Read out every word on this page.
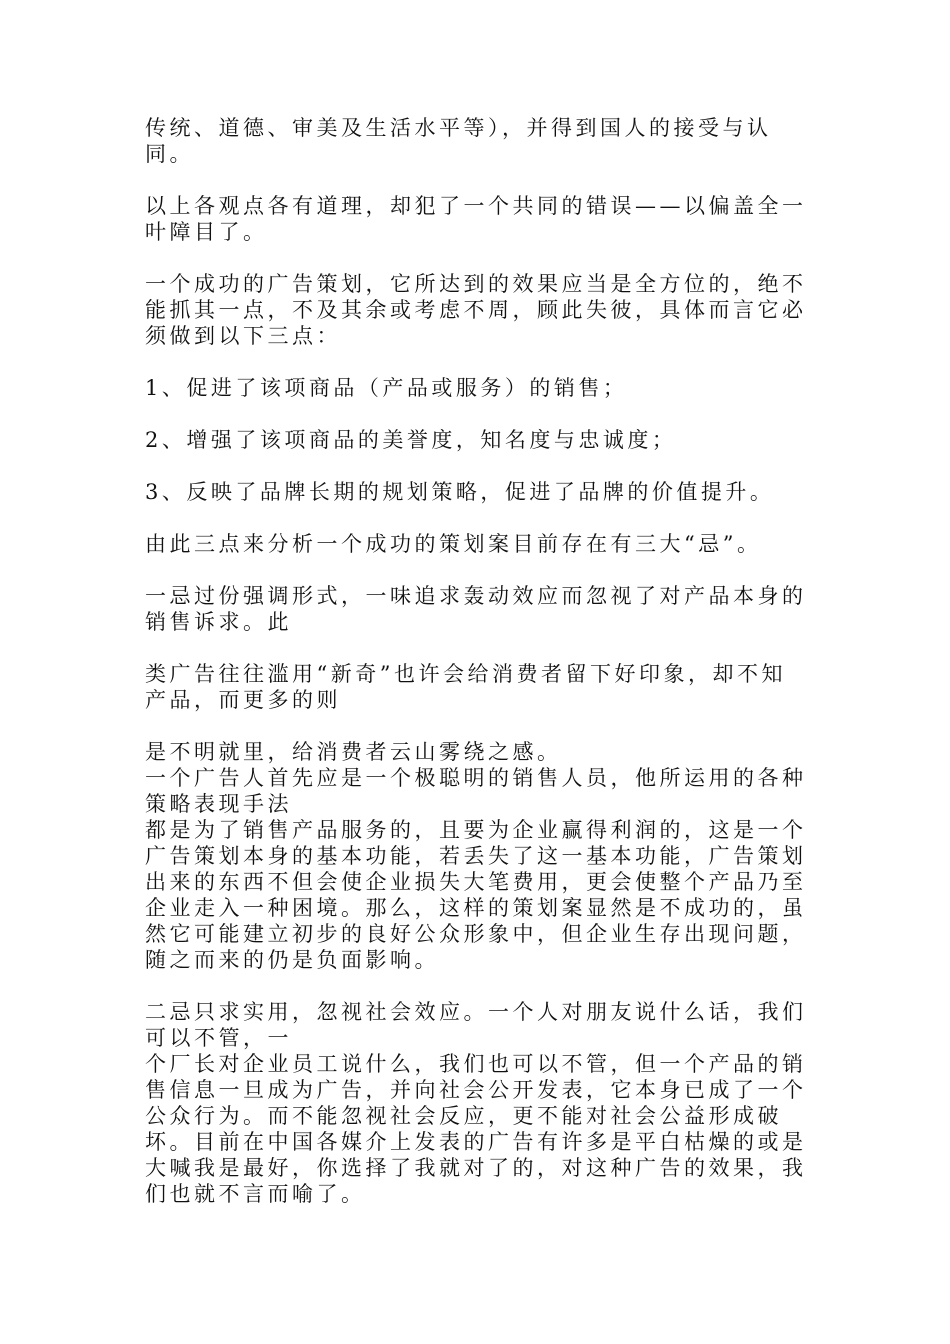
传统、道德、审美及生活水平等），并得到国人的接受与认同。

以上各观点各有道理，却犯了一个共同的错误——以偏盖全一叶障目了。

一个成功的广告策划，它所达到的效果应当是全方位的，绝不能抓其一点，不及其余或考虑不周，顾此失彼，具体而言它必须做到以下三点：

1、促进了该项商品（产品或服务）的销售；

2、增强了该项商品的美誉度，知名度与忠诚度；

3、反映了品牌长期的规划策略，促进了品牌的价值提升。

由此三点来分析一个成功的策划案目前存在有三大“忌”。

一忌过份强调形式，一味追求轰动效应而忽视了对产品本身的销售诉求。此

类广告往往滥用“新奇”也许会给消费者留下好印象，却不知产品，而更多的则

是不明就里，给消费者云山雾绕之感。

一个广告人首先应是一个极聪明的销售人员，他所运用的各种策略表现手法

都是为了销售产品服务的，且要为企业赢得利润的，这是一个广告策划本身的基本功能，若丢失了这一基本功能，广告策划出来的东西不但会使企业损失大笔费用，更会使整个产品乃至企业走入一种困境。那么，这样的策划案显然是不成功的，虽然它可能建立初步的良好公众形象中，但企业生存出现问题，随之而来的仍是负面影响。

二忌只求实用，忽视社会效应。一个人对朋友说什么话，我们可以不管，一

个厂长对企业员工说什么，我们也可以不管，但一个产品的销售信息一旦成为广告，并向社会公开发表，它本身已成了一个公众行为。而不能忽视社会反应，更不能对社会公益形成破坏。目前在中国各媒介上发表的广告有许多是平白枯燥的或是大喊我是最好，你选择了我就对了的，对这种广告的效果，我们也就不言而喻了。
